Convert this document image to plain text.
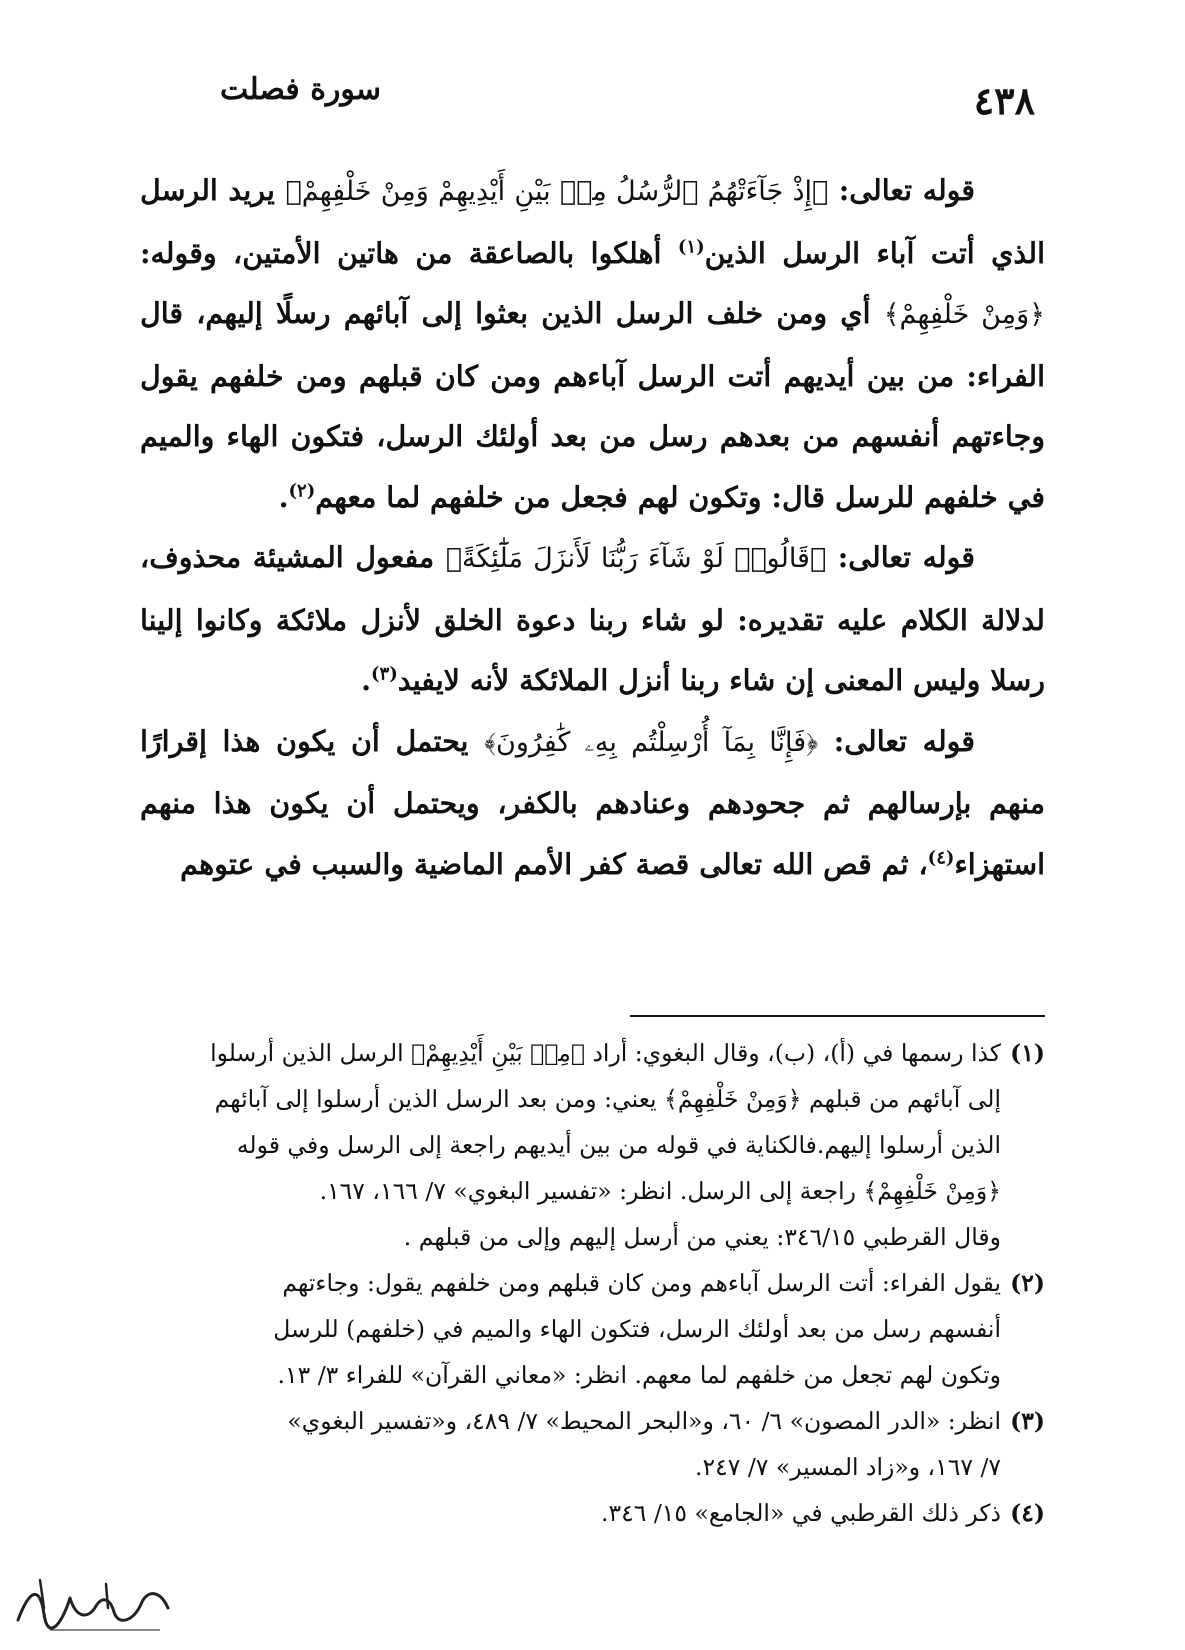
٤٣٨
سورة فصلت

قوله تعالى: ﴿إِذْ جَآءَتْهُمُ ٱلرُّسُلُ مِنۢ بَيْنِ أَيْدِيهِمْ وَمِنْ خَلْفِهِمْ﴾ يريد الرسل الذي أتت آباء الرسل الذين$^{(١)}$ أهلكوا بالصاعقة من هاتين الأمتين، وقوله: ﴿وَمِنْ خَلْفِهِمْ﴾ أي ومن خلف الرسل الذين بعثوا إلى آبائهم رسلًا إليهم، قال الفراء: من بين أيديهم أتت الرسل آباءهم ومن كان قبلهم ومن خلفهم يقول وجاءتهم أنفسهم من بعدهم رسل من بعد أولئك الرسل، فتكون الهاء والميم في خلفهم للرسل قال: وتكون لهم فجعل من خلفهم لما معهم$^{(٢)}$.

قوله تعالى: ﴿قَالُوا۟ لَوْ شَآءَ رَبُّنَا لَأَنزَلَ مَلَٰٓئِكَةً﴾ مفعول المشيئة محذوف، لدلالة الكلام عليه تقديره: لو شاء ربنا دعوة الخلق لأنزل ملائكة وكانوا إلينا رسلا وليس المعنى إن شاء ربنا أنزل الملائكة لأنه لايفيد$^{(٣)}$.

قوله تعالى: ﴿فَإِنَّا بِمَآ أُرْسِلْتُم بِهِۦ كَٰفِرُونَ﴾ يحتمل أن يكون هذا إقرارًا منهم بإرسالهم ثم جحودهم وعنادهم بالكفر، ويحتمل أن يكون هذا منهم استهزاء$^{(٤)}$، ثم قص الله تعالى قصة كفر الأمم الماضية والسبب في عتوهم

(١)
كذا رسمها في (أ)، (ب)، وقال البغوي: أراد ﴿مِنۢ بَيْنِ أَيْدِيهِمْ﴾ الرسل الذين أرسلوا
إلى آبائهم من قبلهم ﴿وَمِنْ خَلْفِهِمْ﴾ يعني: ومن بعد الرسل الذين أرسلوا إلى آبائهم
الذين أرسلوا إليهم.فالكناية في قوله من بين أيديهم راجعة إلى الرسل وفي قوله
﴿وَمِنْ خَلْفِهِمْ﴾ راجعة إلى الرسل. انظر: «تفسير البغوي» ٧/ ١٦٦، ١٦٧.
وقال القرطبي ٣٤٦/١٥: يعني من أرسل إليهم وإلى من قبلهم .
(٢)
يقول الفراء: أتت الرسل آباءهم ومن كان قبلهم ومن خلفهم يقول: وجاءتهم
أنفسهم رسل من بعد أولئك الرسل، فتكون الهاء والميم في (خلفهم) للرسل
وتكون لهم تجعل من خلفهم لما معهم. انظر: «معاني القرآن» للفراء ٣/ ١٣.
(٣)
انظر: «الدر المصون» ٦/ ٦٠، و«البحر المحيط» ٧/ ٤٨٩، و«تفسير البغوي»
٧/ ١٦٧، و«زاد المسير» ٧/ ٢٤٧.
(٤)
ذكر ذلك القرطبي في «الجامع» ١٥/ ٣٤٦.
